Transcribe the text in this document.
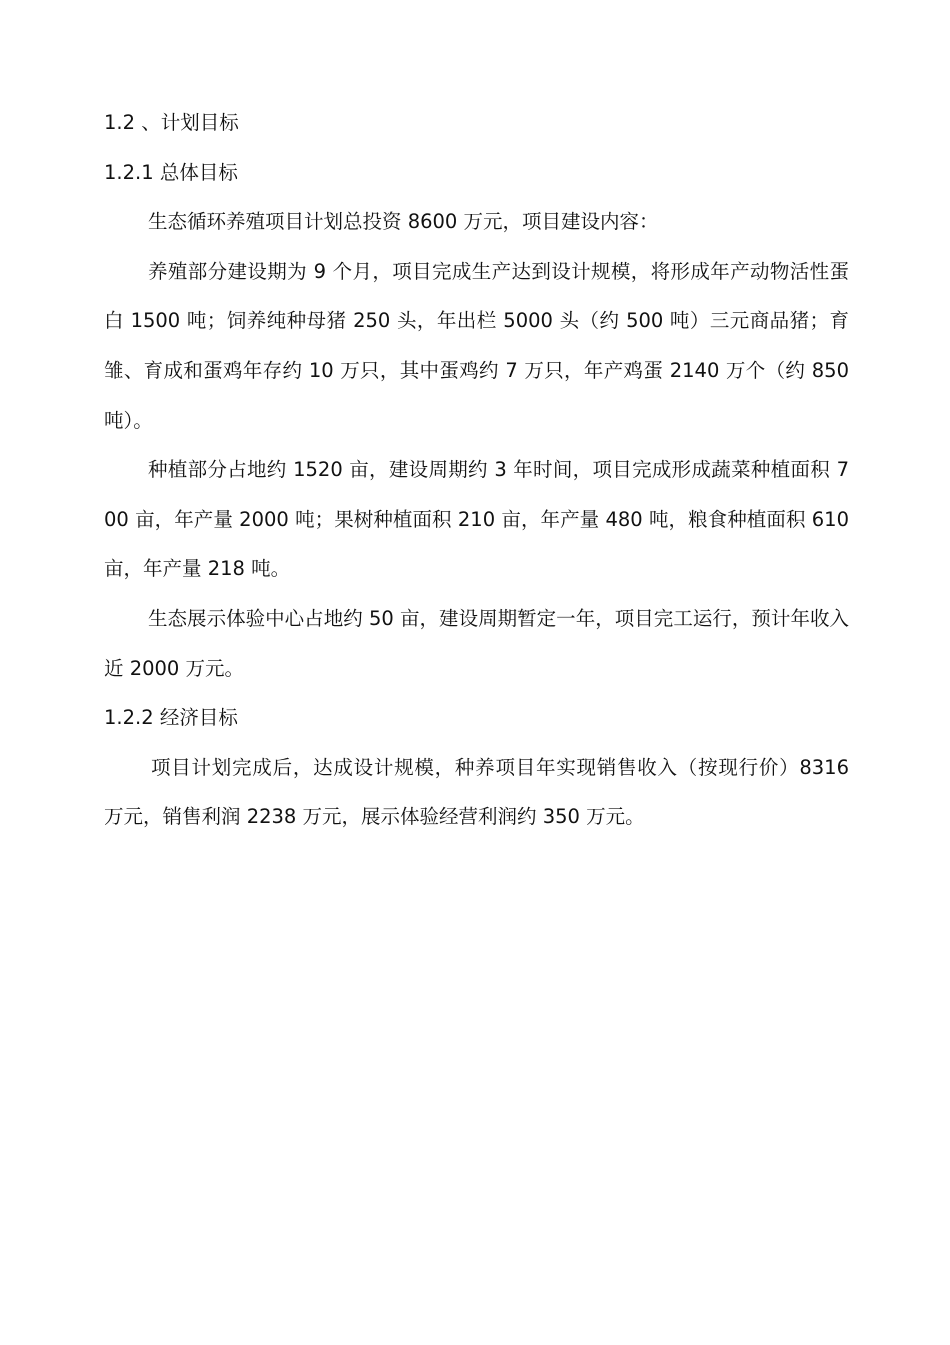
1.2 、计划目标
1.2.1 总体目标

生态循环养殖项目计划总投资 8600 万元，项目建设内容：

养殖部分建设期为 9 个月，项目完成生产达到设计规模，将形成年产动物活性蛋白 1500 吨；饲养纯种母猪 250 头，年出栏 5000 头（约 500 吨）三元商品猪；育雏、育成和蛋鸡年存约 10 万只，其中蛋鸡约 7 万只，年产鸡蛋 2140 万个（约 850 吨）。

种植部分占地约 1520 亩，建设周期约 3 年时间，项目完成形成蔬菜种植面积 700 亩，年产量 2000 吨；果树种植面积 210 亩，年产量 480 吨，粮食种植面积 610 亩，年产量 218 吨。

生态展示体验中心占地约 50 亩，建设周期暂定一年，项目完工运行，预计年收入近 2000 万元。

1.2.2 经济目标

项目计划完成后，达成设计规模，种养项目年实现销售收入（按现行价）8316 万元，销售利润 2238 万元，展示体验经营利润约 350 万元。
